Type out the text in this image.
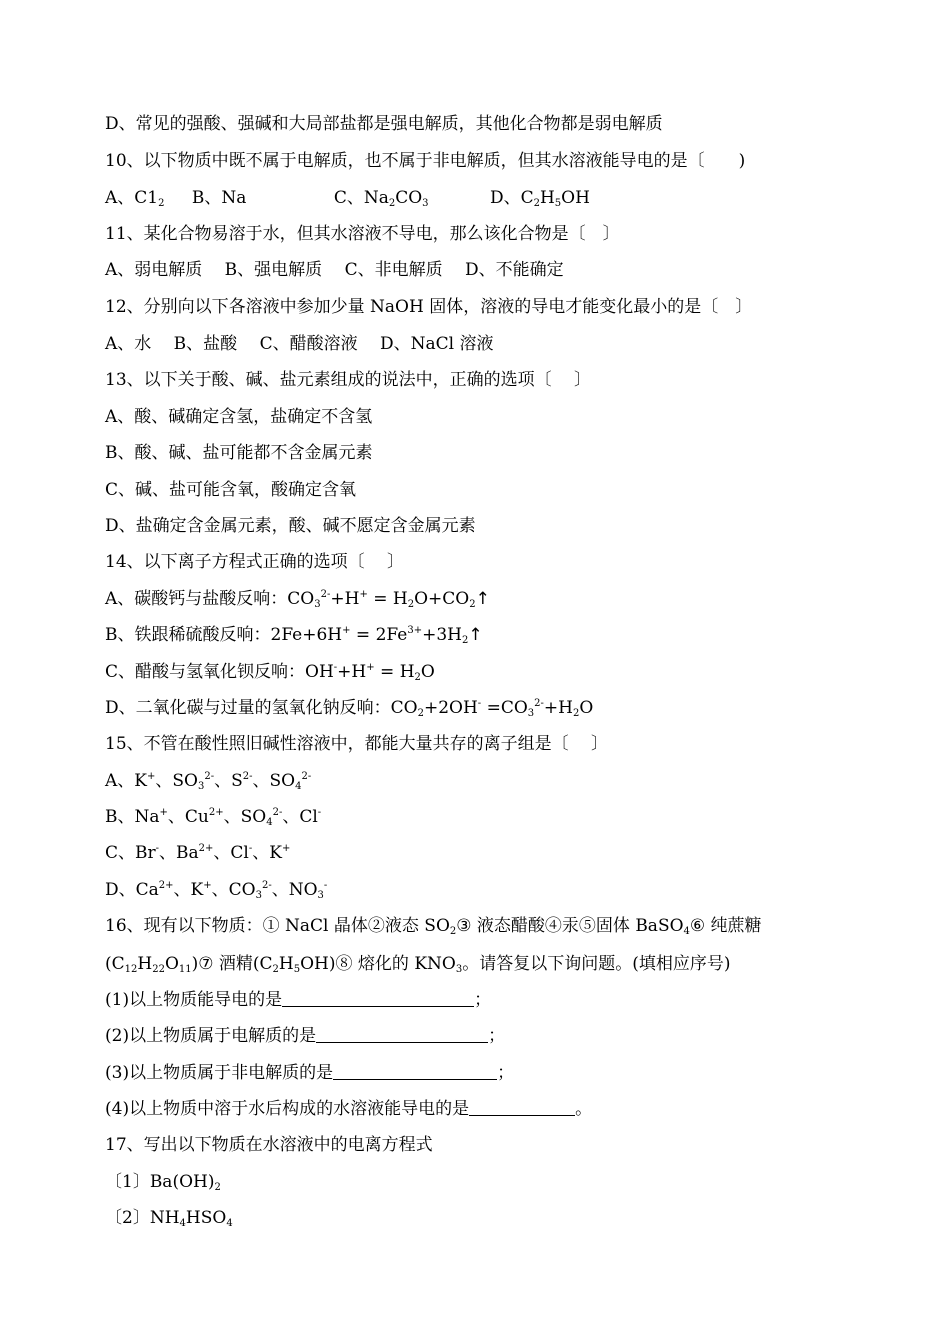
D、常见的强酸、强碱和大局部盐都是强电解质，其他化合物都是弱电解质
10、以下物质中既不属于电解质，也不属于非电解质，但其水溶液能导电的是〔　　)
A、$C1_2$ B、Na	C、$Na_2CO_3$	D、$C_2H_5OH$
11、某化合物易溶于水，但其水溶液不导电，那么该化合物是〔　〕
A、弱电解质　 B、强电解质　 C、非电解质　 D、不能确定
12、分别向以下各溶液中参加少量 NaOH 固体，溶液的导电才能变化最小的是〔　〕
A、水　 B、盐酸　 C、醋酸溶液　 D、NaCl 溶液
13、以下关于酸、碱、盐元素组成的说法中，正确的选项〔　 〕
A、酸、碱确定含氢，盐确定不含氢
B、酸、碱、盐可能都不含金属元素
C、碱、盐可能含氧，酸确定含氧
D、盐确定含金属元素，酸、碱不愿定含金属元素
14、以下离子方程式正确的选项〔　 〕
A、碳酸钙与盐酸反响：$CO_3^{2-}+H^+$ = $H_2O+CO_2↑$
B、铁跟稀硫酸反响：$2Fe+6H^+ = 2Fe^{3+}+3H_2↑$
C、醋酸与氢氧化钡反响：$OH^-+H^+ = H_2O$
D、二氧化碳与过量的氢氧化钠反响：$CO_2+2OH^- =CO_3^{2-}+H_2O$
15、不管在酸性照旧碱性溶液中，都能大量共存的离子组是〔　 〕
A、K+、$SO_3^{2-}$、$S^{2-}$、$SO_4^{2-}$
B、Na+、$Cu^{2+}$、$SO_4^{2-}$、Cl-
C、Br-、$Ba^{2+}$、Cl-、K+
D、$Ca^{2+}$、K+、$CO_3^{2-}$、$NO_3^-$
16、现有以下物质：① NaCl 晶体②液态 $SO_2③$ 液态醋酸④汞⑤固体 BaSO$_4$⑥ 纯蔗糖
$(C_{12}H_{22}O_{11})⑦$ 酒精$(C_2H_5OH)⑧$ 熔化的 $KNO_3$。请答复以下询问题。(填相应序号)
(1)以上物质能导电的是	；
(2)以上物质属于电解质的是	；
(3)以上物质属于非电解质的是	；
(4)以上物质中溶于水后构成的水溶液能导电的是	。
17、写出以下物质在水溶液中的电离方程式
〔1〕$Ba(OH)_2$
〔2〕$NH_4HSO_4$
